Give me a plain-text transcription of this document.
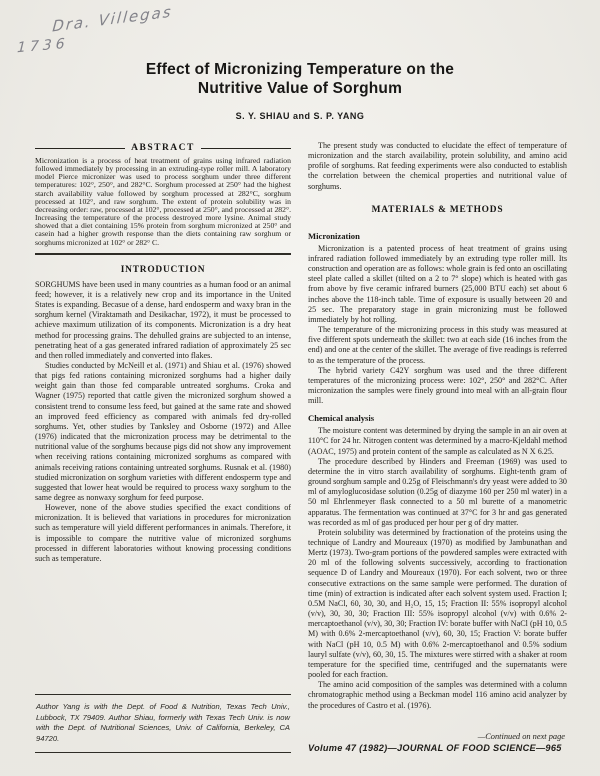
Dra. Villegas
1736
Effect of Micronizing Temperature on the
Nutritive Value of Sorghum
S. Y. SHIAU and S. P. YANG
ABSTRACT

Micronization is a process of heat treatment of grains using infrared radiation followed immediately by processing in an extruding-type roller mill. A laboratory model Pierce micronizer was used to process sorghum under three different temperatures: 102°, 250°, and 282°C. Sorghum processed at 250° had the highest starch availability value followed by sorghum processed at 282°C, sorghum processed at 102°, and raw sorghum. The extent of protein solubility was in decreasing order: raw, processed at 102°, processed at 250°, and processed at 282°. Increasing the temperature of the process destroyed more lysine. Animal study showed that a diet containing 15% protein from sorghum micronized at 250° and casein had a higher growth response than the diets containing raw sorghum or sorghums micronized at 102° or 282° C.

INTRODUCTION

SORGHUMS have been used in many countries as a human food or an animal feed; however, it is a relatively new crop and its importance in the United States is expanding. Becasue of a dense, hard endosperm and waxy bran in the sorghum kernel (Viraktamath and Desikachar, 1972), it must be processed to achieve maximum utilization of its components. Micronization is a dry heat method for processing grains. The dehulled grains are subjected to an intense, penetrating heat of a gas generated infrared radiation of approximately 25 sec and then rolled immediately and converted into flakes.

Studies conducted by McNeill et al. (1971) and Shiau et al. (1976) showed that pigs fed rations containing micronized sorghums had a higher daily weight gain than those fed comparable untreated sorghums. Croka and Wagner (1975) reported that cattle given the micronized sorghum showed a consistent trend to consume less feed, but gained at the same rate and showed an improved feed efficiency as compared with animals fed dry-rolled sorghums. Yet, other studies by Tanksley and Osborne (1972) and Allee (1976) indicated that the micronization process may be detrimental to the nutritional value of the sorghums because pigs did not show any improvement when receiving rations containing micronized sorghums as compared with animals receiving rations containing untreated sorghums. Rusnak et al. (1980) studied micronization on sorghum varieties with different endosperm type and suggested that lower heat would be required to process waxy sorghum to the same degree as nonwaxy sorghum for feed purpose.

However, none of the above studies specified the exact conditions of micronization. It is believed that variations in procedures for micronization such as temperature will yield different performances in animals. Therefore, it is impossible to compare the nutritive value of micronized sorghums processed in different laboratories without knowing processing conditions such as temperature.

Author Yang is with the Dept. of Food & Nutrition, Texas Tech Univ., Lubbock, TX 79409. Author Shiau, formerly with Texas Tech Univ. is now with the Dept. of Nutritional Sciences, Univ. of California, Berkeley, CA 94720.

The present study was conducted to elucidate the effect of temperature of micronization and the starch availability, protein solubility, and amino acid profile of sorghums. Rat feeding experiments were also conducted to establish the correlation between the chemical properties and nutritional value of sorghums.

MATERIALS & METHODS
Micronization

Micronization is a patented process of heat treatment of grains using infrared radiation followed immediately by an extruding type roller mill. Its construction and operation are as follows: whole grain is fed onto an oscillating steel plate called a skillet (tilted on a 2 to 7° slope) which is heated with gas from above by five ceramic infrared burners (25,000 BTU each) set about 6 inches above the 118-inch table. Time of exposure is usually between 20 and 25 sec. The preparatory stage in grain micronizing must be followed immediately by hot rolling.

The temperature of the micronizing process in this study was measured at five different spots underneath the skillet: two at each side (16 inches from the end) and one at the center of the skillet. The average of five readings is referred to as the temperature of the process.

The hybrid variety C42Y sorghum was used and the three different temperatures of the micronizing process were: 102°, 250° and 282°C. After micronization the samples were finely ground into meal with an all-grain flour mill.

Chemical analysis

The moisture content was determined by drying the sample in an air oven at 110°C for 24 hr. Nitrogen content was determined by a macro-Kjeldahl method (AOAC, 1975) and protein content of the sample as calculated as N X 6.25.

The procedure described by Hinders and Freeman (1969) was used to determine the in vitro starch availability of sorghums. Eight-tenth gram of ground sorghum sample and 0.25g of Fleischmann's dry yeast were added to 30 ml of amyloglucosidase solution (0.25g of diazyme 160 per 250 ml water) in a 50 ml Ehrlenmeyer flask connected to a 50 ml burette of a manometric apparatus. The fermentation was continued at 37°C for 3 hr and gas generated was recorded as ml of gas produced per hour per g of dry matter.

Protein solubility was determined by fractionation of the proteins using the technique of Landry and Moureaux (1970) as modified by Jambunathan and Mertz (1973). Two-gram portions of the powdered samples were extracted with 20 ml of the following solvents successively, according to fractionation sequence D of Landry and Moureaux (1970). For each solvent, two or three consecutive extractions on the same sample were performed. The duration of time (min) of extraction is indicated after each solvent system used. Fraction I; 0.5M NaCl, 60, 30, 30, and H₂O, 15, 15; Fraction II: 55% isopropyl alcohol (v/v), 30, 30, 30; Fraction III: 55% isopropyl alcohol (v/v) with 0.6% 2-mercaptoethanol (v/v), 30, 30; Fraction IV: borate buffer with NaCl (pH 10, 0.5 M) with 0.6% 2-mercaptoethanol (v/v), 60, 30, 15; Fraction V: borate buffer with NaCl (pH 10, 0.5 M) with 0.6% 2-mercaptoethanol and 0.5% sodium lauryl sulfate (v/v), 60, 30, 15. The mixtures were stirred with a shaker at room temperature for the specified time, centrifuged and the supernatants were pooled for each fraction.

The amino acid composition of the samples was determined with a column chromatographic method using a Beckman model 116 amino acid analyzer by the procedures of Castro et al. (1976).

—Continued on next page
Volume 47 (1982)—JOURNAL OF FOOD SCIENCE—965
